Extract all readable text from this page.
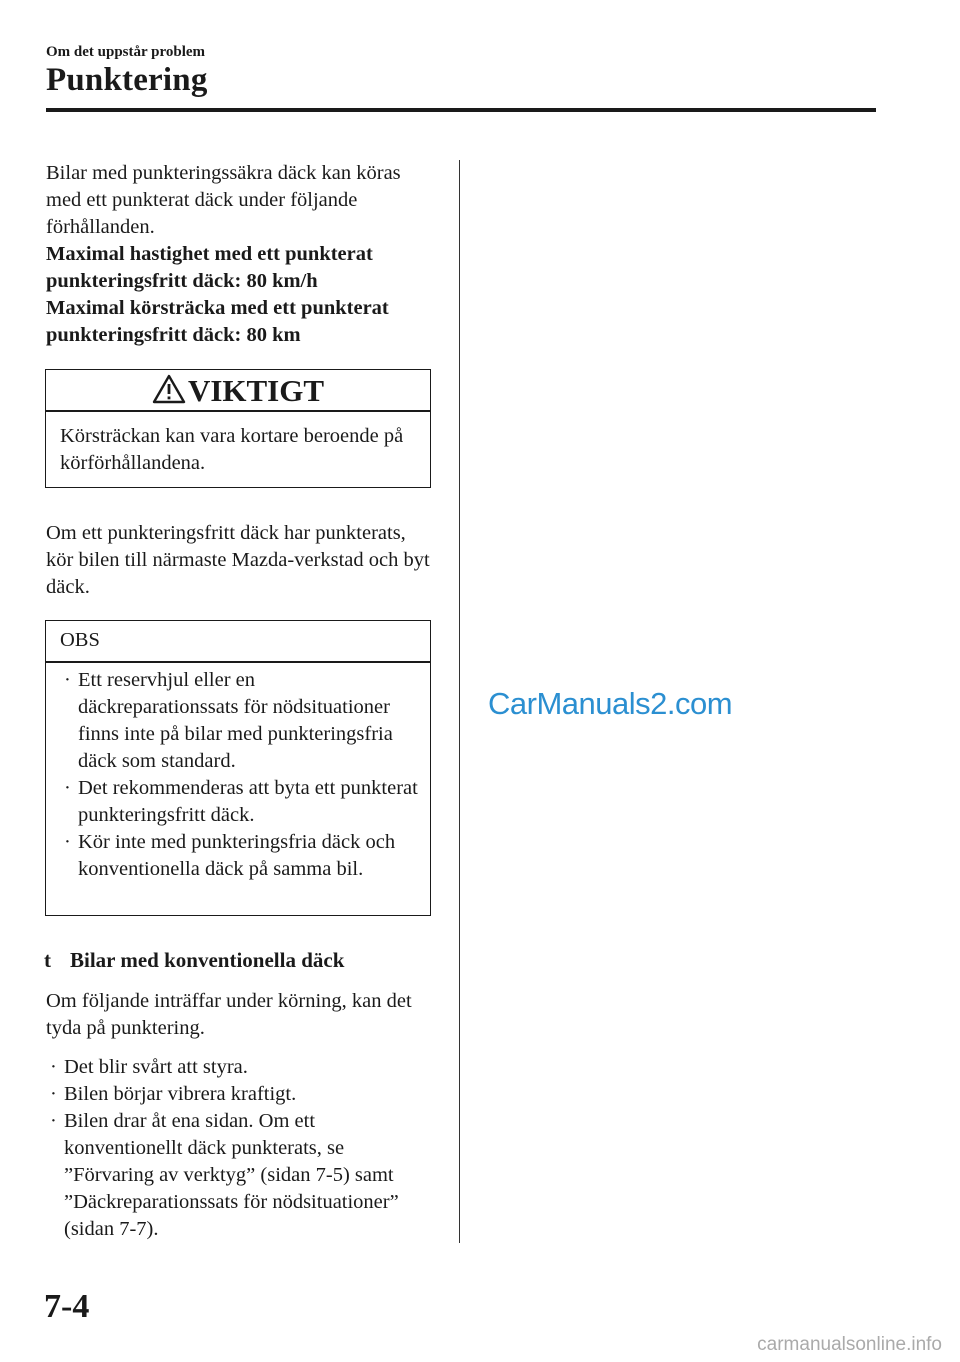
Om det uppstår problem
Punktering

Bilar med punkteringssäkra däck kan köras med ett punkterat däck under följande förhållanden.

Maximal hastighet med ett punkterat punkteringsfritt däck: 80 km/h

Maximal körsträcka med ett punkterat punkteringsfritt däck: 80 km

VIKTIGT
Körsträckan kan vara kortare beroende på körförhållandena.
Om ett punkteringsfritt däck har punkterats, kör bilen till närmaste Mazda-verkstad och byt däck.
OBS
· Ett reservhjul eller en däckreparationssats för nödsituationer finns inte på bilar med punkteringsfria däck som standard.
· Det rekommenderas att byta ett punkterat punkteringsfritt däck.
· Kör inte med punkteringsfria däck och konventionella däck på samma bil.
t Bilar med konventionella däck
Om följande inträffar under körning, kan det tyda på punktering.
· Det blir svårt att styra.
· Bilen börjar vibrera kraftigt.
· Bilen drar åt ena sidan. Om ett konventionellt däck punkterats, se ”Förvaring av verktyg” (sidan 7-5) samt ”Däckreparationssats för nödsituationer” (sidan 7-7).
CarManuals2.com
7-4
carmanualsonline.info
